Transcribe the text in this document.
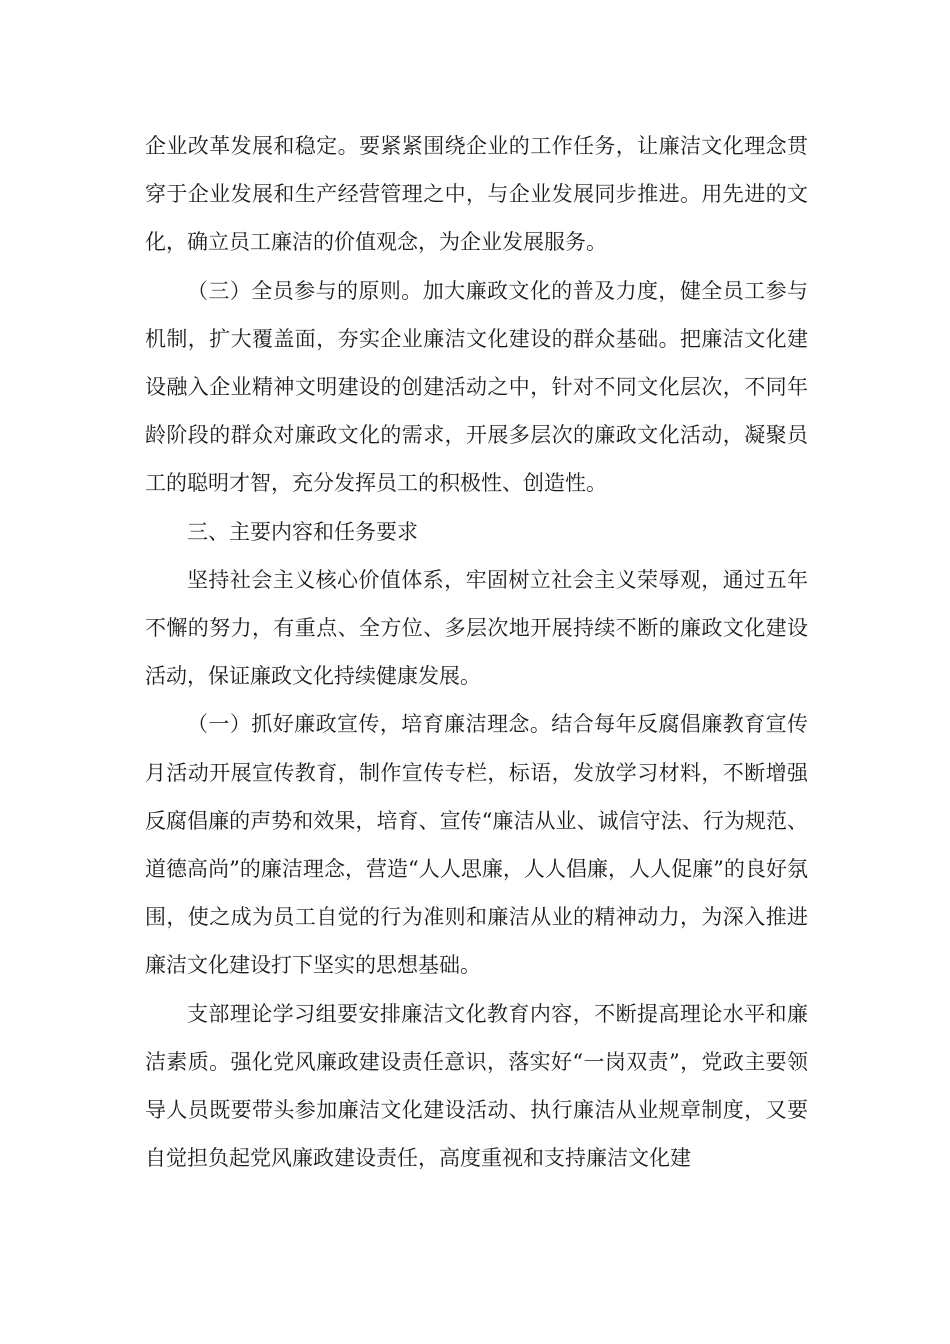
企业改革发展和稳定。要紧紧围绕企业的工作任务，让廉洁文化理念贯穿于企业发展和生产经营管理之中，与企业发展同步推进。用先进的文化，确立员工廉洁的价值观念，为企业发展服务。

（三）全员参与的原则。加大廉政文化的普及力度，健全员工参与机制，扩大覆盖面，夯实企业廉洁文化建设的群众基础。把廉洁文化建设融入企业精神文明建设的创建活动之中，针对不同文化层次，不同年龄阶段的群众对廉政文化的需求，开展多层次的廉政文化活动，凝聚员工的聪明才智，充分发挥员工的积极性、创造性。

三、主要内容和任务要求

坚持社会主义核心价值体系，牢固树立社会主义荣辱观，通过五年不懈的努力，有重点、全方位、多层次地开展持续不断的廉政文化建设活动，保证廉政文化持续健康发展。

（一）抓好廉政宣传，培育廉洁理念。结合每年反腐倡廉教育宣传月活动开展宣传教育，制作宣传专栏，标语，发放学习材料，不断增强反腐倡廉的声势和效果，培育、宣传“廉洁从业、诚信守法、行为规范、道德高尚”的廉洁理念，营造“人人思廉，人人倡廉，人人促廉”的良好氛围，使之成为员工自觉的行为准则和廉洁从业的精神动力，为深入推进廉洁文化建设打下坚实的思想基础。

支部理论学习组要安排廉洁文化教育内容，不断提高理论水平和廉洁素质。强化党风廉政建设责任意识，落实好“一岗双责”，党政主要领导人员既要带头参加廉洁文化建设活动、执行廉洁从业规章制度，又要自觉担负起党风廉政建设责任，高度重视和支持廉洁文化建
